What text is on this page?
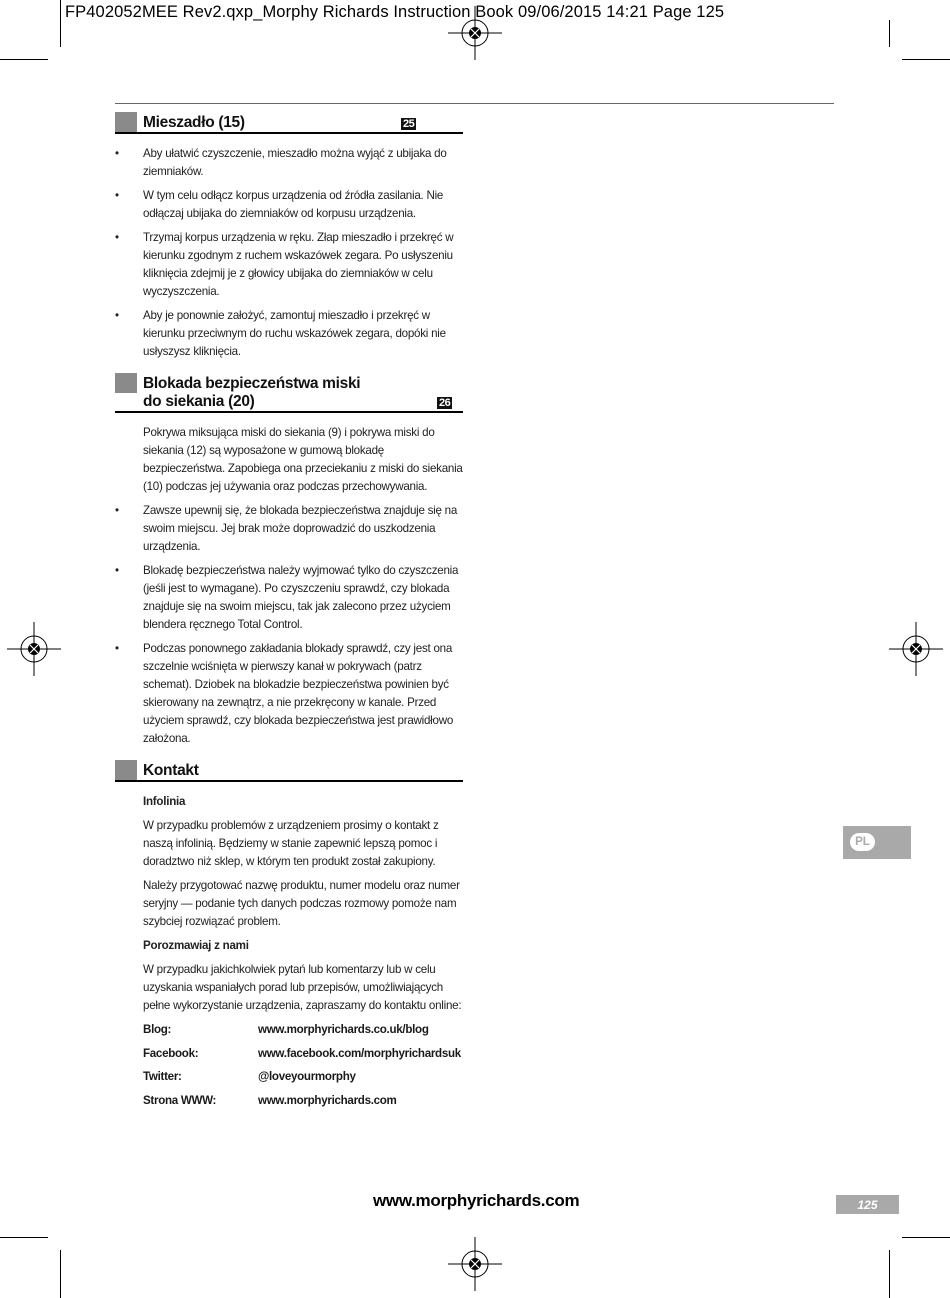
FP402052MEE Rev2.qxp_Morphy Richards Instruction Book 09/06/2015 14:21 Page 125
Mieszadło (15)	25

• Aby ułatwić czyszczenie, mieszadło można wyjąć z ubijaka do ziemniaków.

• W tym celu odłącz korpus urządzenia od źródła zasilania. Nie odłączaj ubijaka do ziemniaków od korpusu urządzenia.

• Trzymaj korpus urządzenia w ręku. Złap mieszadło i przekręć w kierunku zgodnym z ruchem wskazówek zegara. Po usłyszeniu kliknięcia zdejmij je z głowicy ubijaka do ziemniaków w celu wyczyszczenia.

• Aby je ponownie założyć, zamontuj mieszadło i przekręć w kierunku przeciwnym do ruchu wskazówek zegara, dopóki nie usłyszysz kliknięcia.

Blokada bezpieczeństwa miski
do siekania (20)	26

Pokrywa miksująca miski do siekania (9) i pokrywa miski do siekania (12) są wyposażone w gumową blokadę bezpieczeństwa. Zapobiega ona przeciekaniu z miski do siekania (10) podczas jej używania oraz podczas przechowywania.

• Zawsze upewnij się, że blokada bezpieczeństwa znajduje się na swoim miejscu. Jej brak może doprowadzić do uszkodzenia urządzenia.

• Blokadę bezpieczeństwa należy wyjmować tylko do czyszczenia (jeśli jest to wymagane). Po czyszczeniu sprawdź, czy blokada znajduje się na swoim miejscu, tak jak zalecono przez użyciem blendera ręcznego Total Control.

• Podczas ponownego zakładania blokady sprawdź, czy jest ona szczelnie wciśnięta w pierwszy kanał w pokrywach (patrz schemat). Dziobek na blokadzie bezpieczeństwa powinien być skierowany na zewnątrz, a nie przekręcony w kanale. Przed użyciem sprawdź, czy blokada bezpieczeństwa jest prawidłowo założona.

Kontakt

Infolinia

W przypadku problemów z urządzeniem prosimy o kontakt z naszą infolinią. Będziemy w stanie zapewnić lepszą pomoc i doradztwo niż sklep, w którym ten produkt został zakupiony.

Należy przygotować nazwę produktu, numer modelu oraz numer seryjny — podanie tych danych podczas rozmowy pomoże nam szybciej rozwiązać problem.

Porozmawiaj z nami

W przypadku jakichkolwiek pytań lub komentarzy lub w celu uzyskania wspaniałych porad lub przepisów, umożliwiających pełne wykorzystanie urządzenia, zapraszamy do kontaktu online:

Blog:	www.morphyrichards.co.uk/blog
Facebook:	www.facebook.com/morphyrichardsuk
Twitter:	@loveyourmorphy
Strona WWW:	www.morphyrichards.com
PL
www.morphyrichards.com	125
